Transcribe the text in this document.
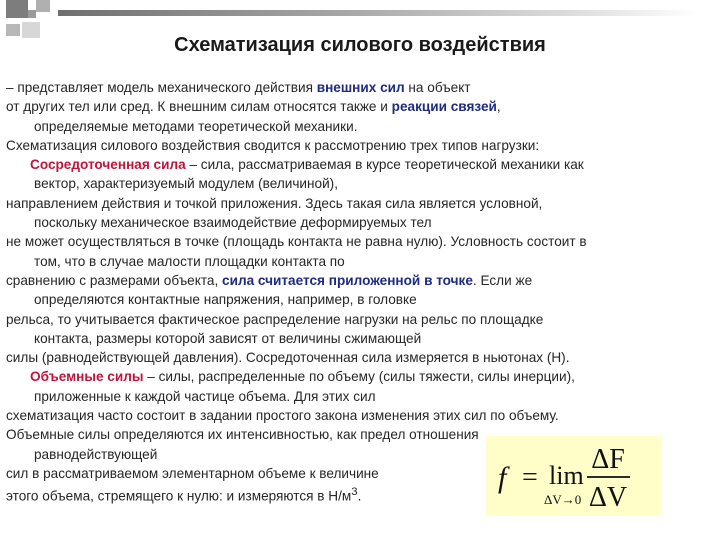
Схематизация силового воздействия
– представляет модель механического действия внешних сил на объект
от других тел или сред. К внешним силам относятся также и реакции связей,
определяемые методами теоретической механики.
Схематизация силового воздействия сводится к рассмотрению трех типов нагрузки:
Сосредоточенная сила – сила, рассматриваемая в курсе теоретической механики как
вектор, характеризуемый модулем (величиной),
направлением действия и точкой приложения. Здесь такая сила является условной,
поскольку механическое взаимодействие деформируемых тел
не может осуществляться в точке (площадь контакта не равна нулю). Условность состоит в
том, что в случае малости площадки контакта по
сравнению с размерами объекта, сила считается приложенной в точке. Если же
определяются контактные напряжения, например, в головке
рельса, то учитывается фактическое распределение нагрузки на рельс по площадке
контакта, размеры которой зависят от величины сжимающей
силы (равнодействующей давления). Сосредоточенная сила измеряется в ньютонах (Н).
Объемные силы – силы, распределенные по объему (силы тяжести, силы инерции),
приложенные к каждой частице объема. Для этих сил
схематизация часто состоит в задании простого закона изменения этих сил по объему.
Объемные силы определяются их интенсивностью, как предел отношения
равнодействующей
сил в рассматриваемом элементарном объеме к величине
этого объема, стремящего к нулю: и измеряются в $Н/м^3$.
f = lim
ΔV→0
ΔF
ΔV
